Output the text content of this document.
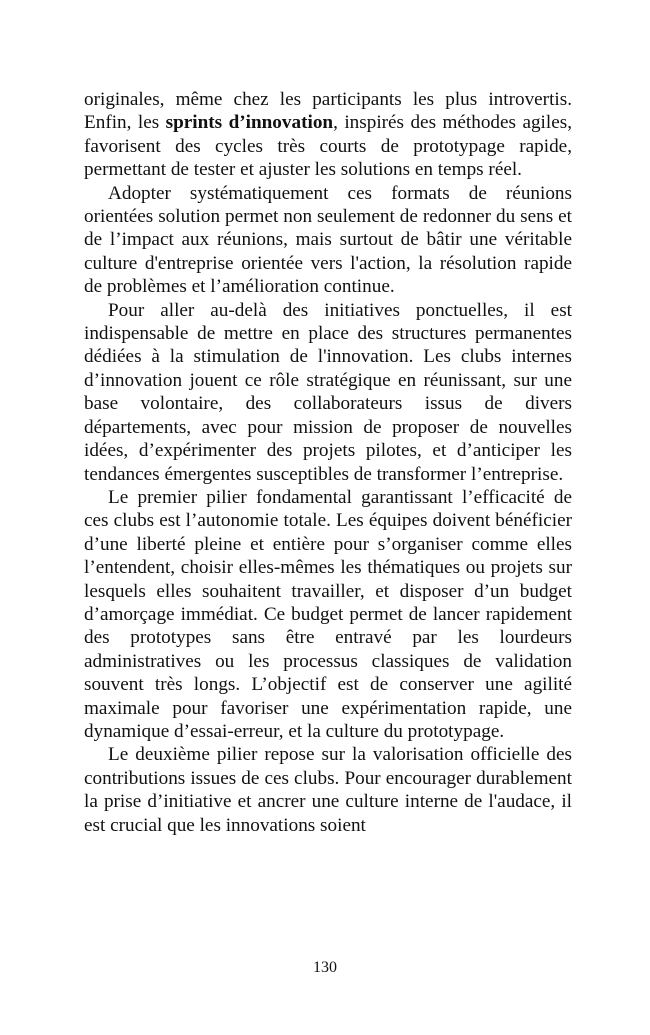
originales, même chez les participants les plus introvertis. Enfin, les sprints d’innovation, inspirés des méthodes agiles, favorisent des cycles très courts de prototypage rapide, permettant de tester et ajuster les solutions en temps réel.

Adopter systématiquement ces formats de réunions orientées solution permet non seulement de redonner du sens et de l’impact aux réunions, mais surtout de bâtir une véritable culture d'entreprise orientée vers l'action, la résolution rapide de problèmes et l’amélioration continue.

Pour aller au-delà des initiatives ponctuelles, il est indispensable de mettre en place des structures permanentes dédiées à la stimulation de l'innovation. Les clubs internes d’innovation jouent ce rôle stratégique en réunissant, sur une base volontaire, des collaborateurs issus de divers départements, avec pour mission de proposer de nouvelles idées, d’expérimenter des projets pilotes, et d’anticiper les tendances émergentes susceptibles de transformer l’entreprise.

Le premier pilier fondamental garantissant l’efficacité de ces clubs est l’autonomie totale. Les équipes doivent bénéficier d’une liberté pleine et entière pour s’organiser comme elles l’entendent, choisir elles-mêmes les thématiques ou projets sur lesquels elles souhaitent travailler, et disposer d’un budget d’amorçage immédiat. Ce budget permet de lancer rapidement des prototypes sans être entravé par les lourdeurs administratives ou les processus classiques de validation souvent très longs. L’objectif est de conserver une agilité maximale pour favoriser une expérimentation rapide, une dynamique d’essai-erreur, et la culture du prototypage.

Le deuxième pilier repose sur la valorisation officielle des contributions issues de ces clubs. Pour encourager durablement la prise d’initiative et ancrer une culture interne de l'audace, il est crucial que les innovations soient

130
